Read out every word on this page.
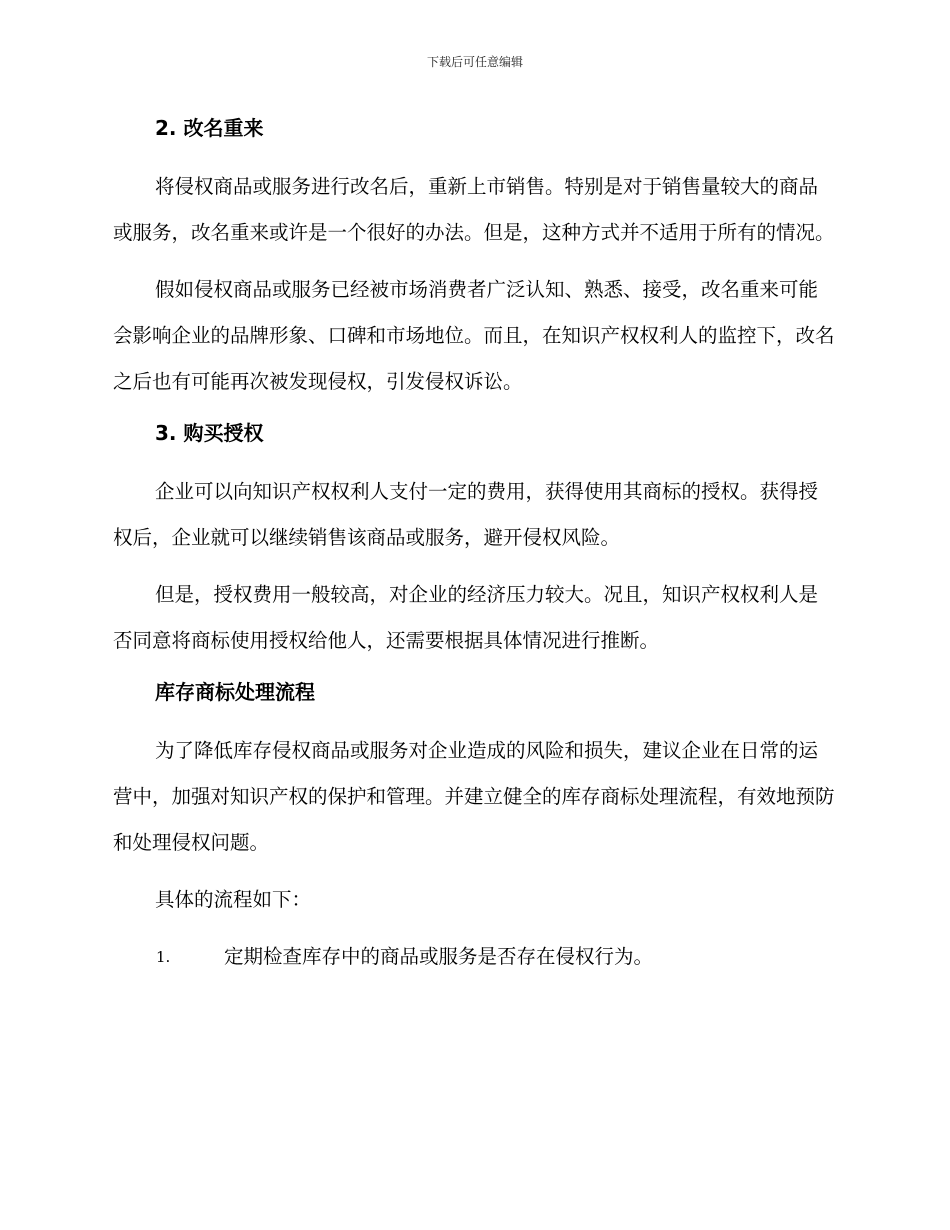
下载后可任意编辑
2. 改名重来

将侵权商品或服务进行改名后，重新上市销售。特别是对于销售量较大的商品或服务，改名重来或许是一个很好的办法。但是，这种方式并不适用于所有的情况。

假如侵权商品或服务已经被市场消费者广泛认知、熟悉、接受，改名重来可能会影响企业的品牌形象、口碑和市场地位。而且，在知识产权权利人的监控下，改名之后也有可能再次被发现侵权，引发侵权诉讼。

3. 购买授权

企业可以向知识产权权利人支付一定的费用，获得使用其商标的授权。获得授权后，企业就可以继续销售该商品或服务，避开侵权风险。

但是，授权费用一般较高，对企业的经济压力较大。况且，知识产权权利人是否同意将商标使用授权给他人，还需要根据具体情况进行推断。

库存商标处理流程

为了降低库存侵权商品或服务对企业造成的风险和损失，建议企业在日常的运营中，加强对知识产权的保护和管理。并建立健全的库存商标处理流程，有效地预防和处理侵权问题。

具体的流程如下：

1.	定期检查库存中的商品或服务是否存在侵权行为。
